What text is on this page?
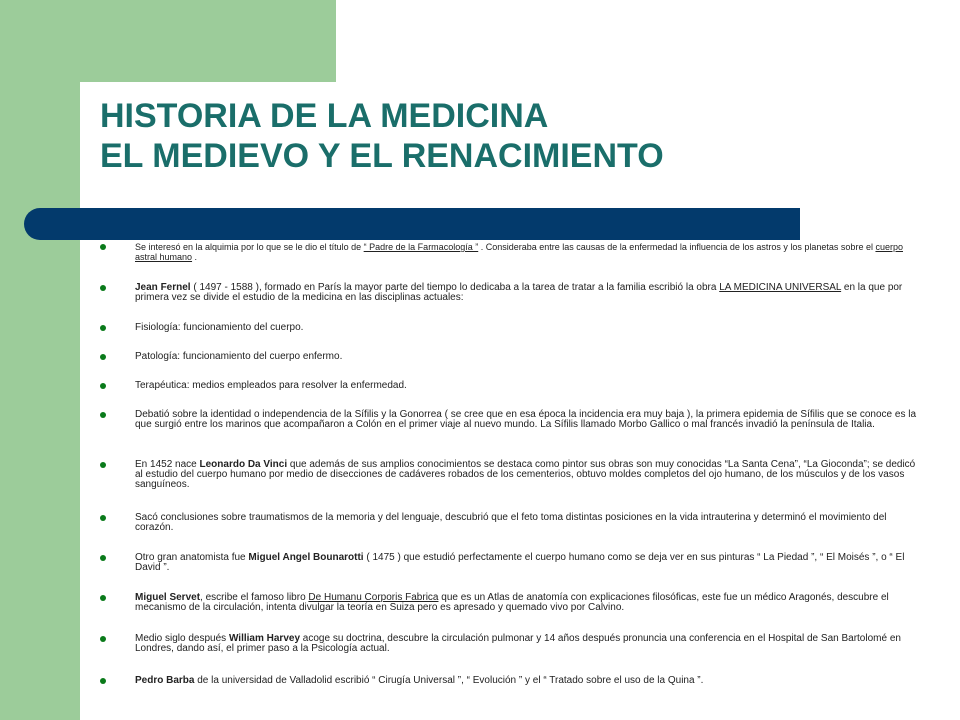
HISTORIA DE LA MEDICINA
EL MEDIEVO Y EL RENACIMIENTO
Se interesó en la alquimia por lo que se le dio el título de “ Padre de la Farmacología ” . Consideraba entre las causas de la enfermedad la influencia de los astros y los planetas sobre el cuerpo astral humano .
Jean Fernel ( 1497 - 1588 ), formado en París la mayor parte del tiempo lo dedicaba a la tarea de tratar a la familia escribió la obra LA MEDICINA UNIVERSAL en la que por primera vez se divide el estudio de la medicina en las disciplinas actuales:
Fisiología: funcionamiento del cuerpo.
Patología: funcionamiento del cuerpo enfermo.
Terapéutica: medios empleados para resolver la enfermedad.
Debatió sobre la identidad o independencia de la Sífilis y la Gonorrea ( se cree que en esa época la incidencia era muy baja ), la primera epidemia de Sífilis que se conoce es la que surgió entre los marinos que acompañaron a Colón en el primer viaje al nuevo mundo. La Sífilis llamado Morbo Gallico o mal francés invadió la península de Italia.
En 1452 nace Leonardo Da Vinci que además de sus amplios conocimientos se destaca como pintor sus obras son muy conocidas “La Santa Cena”, “La Gioconda”; se dedicó al estudio del cuerpo humano por medio de disecciones de cadáveres robados de los cementerios, obtuvo moldes completos del ojo humano, de los músculos y de los vasos sanguíneos.
Sacó conclusiones sobre traumatismos de la memoria y del lenguaje, descubrió que el feto toma distintas posiciones en la vida intrauterina y determinó el movimiento del corazón.
Otro gran anatomista fue Miguel Angel Bounarotti ( 1475 ) que estudió perfectamente el cuerpo humano como se deja ver en sus pinturas “ La Piedad ”, “ El Moisés ”, o “ El David ”.
Miguel Servet, escribe el famoso libro De Humanu Corporis Fabrica que es un Atlas de anatomía con explicaciones filosóficas, este fue un médico Aragonés, descubre el mecanismo de la circulación, intenta divulgar la teoría en Suiza pero es apresado y quemado vivo por Calvino.
Medio siglo después William Harvey acoge su doctrina, descubre la circulación pulmonar y 14 años después pronuncia una conferencia en el Hospital de San Bartolomé en Londres, dando así, el primer paso a la Psicología actual.
Pedro Barba de la universidad de Valladolid escribió “ Cirugía Universal ”, “ Evolución ” y el “ Tratado sobre el uso de la Quina ”.
